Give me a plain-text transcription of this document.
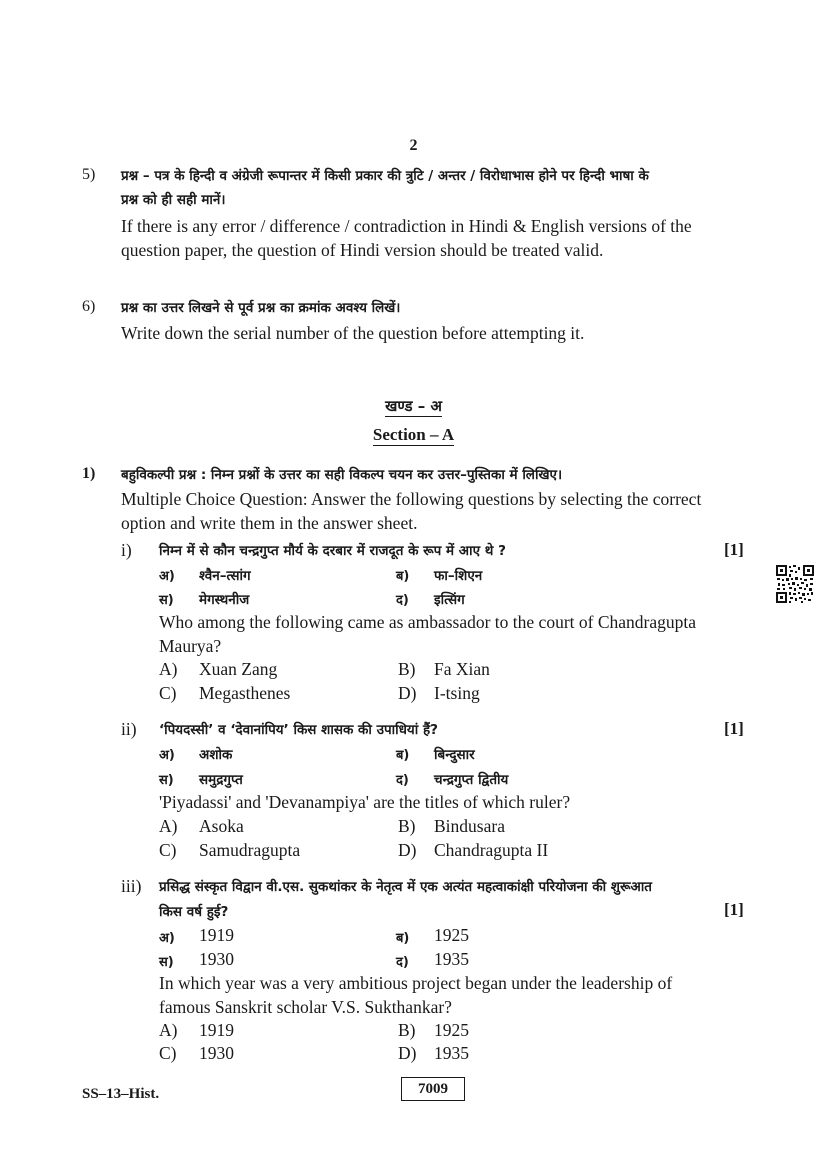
2
5) प्रश्न – पत्र के हिन्दी व अंग्रेजी रूपान्तर में किसी प्रकार की त्रुटि / अन्तर / विरोधाभास होने पर हिन्दी भाषा के
प्रश्न को ही सही मानें।
If there is any error / difference / contradiction in Hindi & English versions of the
question paper, the question of Hindi version should be treated valid.
6) प्रश्न का उत्तर लिखने से पूर्व प्रश्न का क्रमांक अवश्य लिखें।
Write down the serial number of the question before attempting it.
खण्ड – अ
Section – A
1) बहुविकल्पी प्रश्न : निम्न प्रश्नों के उत्तर का सही विकल्प चयन कर उत्तर–पुस्तिका में लिखिए।
Multiple Choice Question: Answer the following questions by selecting the correct
option and write them in the answer sheet.
i) निम्न में से कौन चन्द्रगुप्त मौर्य के दरबार में राजदूत के रूप में आए थे ?	[1]
अ) श्वैन–त्सांग	ब) फा–शिएन
स) मेगस्थनीज	द) इत्सिंग
Who among the following came as ambassador to the court of Chandragupta
Maurya?
A) Xuan Zang	B) Fa Xian
C) Megasthenes	D) I-tsing
ii) ‘पियदस्सी’ व ‘देवानांपिय’ किस शासक की उपाधियां हैं?	[1]
अ) अशोक	ब) बिन्दुसार
स) समुद्रगुप्त	द) चन्द्रगुप्त द्वितीय
'Piyadassi' and 'Devanampiya' are the titles of which ruler?
A) Asoka	B) Bindusara
C) Samudragupta	D) Chandragupta II
iii) प्रसिद्ध संस्कृत विद्वान वी.एस. सुकथांकर के नेतृत्व में एक अत्यंत महत्वाकांक्षी परियोजना की शुरूआत
किस वर्ष हुई?	[1]
अ) 1919	ब) 1925
स) 1930	द) 1935
In which year was a very ambitious project began under the leadership of
famous Sanskrit scholar V.S. Sukthankar?
A) 1919	B) 1925
C) 1930	D) 1935
SS–13–Hist.	7009
